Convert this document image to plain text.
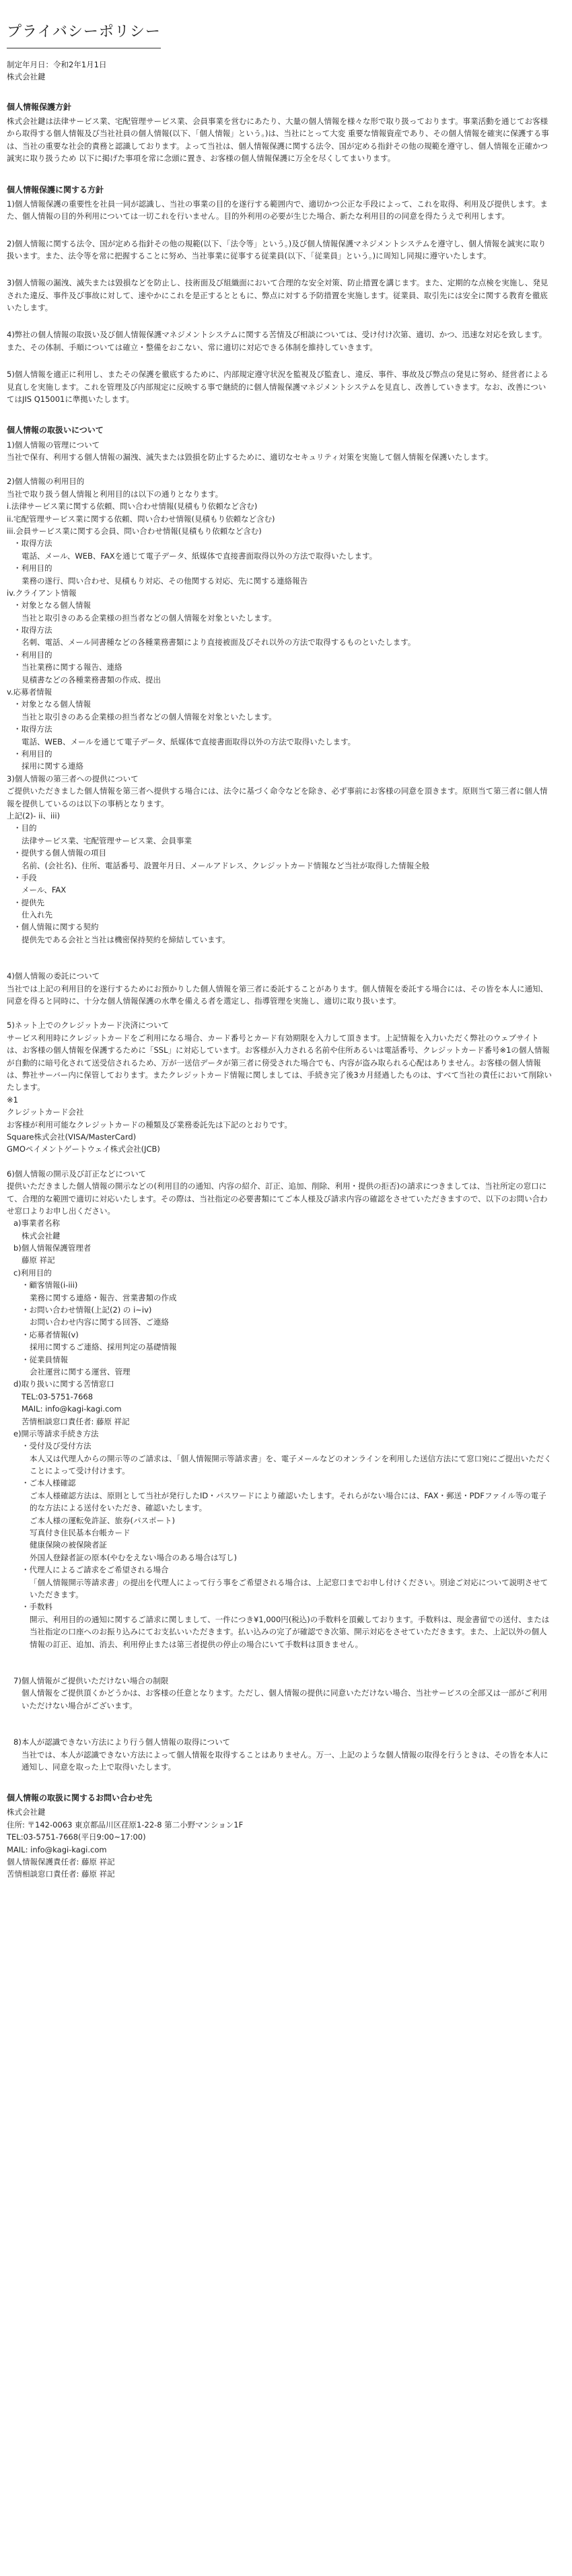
プライバシーポリシー
制定年月日：令和2年1月1日
株式会社鍵
個人情報保護方針

株式会社鍵は法律サービス業、宅配管理サービス業、会員事業を営むにあたり、大量の個人情報を様々な形で取り扱っております。事業活動を通じてお客様から取得する個人情報及び当社社員の個人情報(以下、「個人情報」という。)は、当社にとって大変 重要な情報資産であり、その個人情報を確実に保護する事は、当社の重要な社会的責務と認識しております。よって当社は、個人情報保護に関する法令、国が定める指針その他の規範を遵守し、個人情報を正確かつ誠実に取り扱うため 以下に掲げた事項を常に念頭に置き、お客様の個人情報保護に万全を尽くしてまいります。

個人情報保護に関する方針

1)個人情報保護の重要性を社員一同が認識し、当社の事業の目的を遂行する範囲内で、適切かつ公正な手段によって、これを取得、利用及び提供します。また、個人情報の目的外利用については一切これを行いません。目的外利用の必要が生じた場合、新たな利用目的の同意を得たうえで利用します。

2)個人情報に関する法令、国が定める指針その他の規範(以下、「法令等」という。)及び個人情報保護マネジメントシステムを遵守し、個人情報を誠実に取り扱います。また、法令等を常に把握することに努め、当社事業に従事する従業員(以下、「従業員」という。)に周知し同規に遵守いたします。

3)個人情報の漏洩、滅失または毀損などを防止し、技術面及び組織面において合理的な安全対策、防止措置を講じます。また、定期的な点検を実施し、発見された違反、事件及び事故に対して、速やかにこれを是正するとともに、弊点に対する予防措置を実施します。従業員、取引先には安全に関する教育を徹底いたします。

4)弊社の個人情報の取扱い及び個人情報保護マネジメントシステムに関する苦情及び相談については、受け付け次第、適切、かつ、迅速な対応を致します。また、その体制、手順については確立・整備をおこない、常に適切に対応できる体制を維持していきます。

5)個人情報を適正に利用し、またその保護を徹底するために、内部規定遵守状況を監視及び監査し、違反、事件、事故及び弊点の発見に努め、経営者による見直しを実施します。これを管理及び内部規定に反映する事で継続的に個人情報保護マネジメントシステムを見直し、改善していきます。なお、改善についてはJIS Q15001に準拠いたします。

個人情報の取扱いについて
1)個人情報の管理について
当社で保有、利用する個人情報の漏洩、滅失または毀損を防止するために、適切なセキュリティ対策を実施して個人情報を保護いたします。
2)個人情報の利用目的
当社で取り扱う個人情報と利用目的は以下の通りとなります。
i.法律サービス業に関する依頼、問い合わせ情報(見積もり依頼など含む)
ii.宅配管理サービス業に関する依頼、問い合わせ情報(見積もり依頼など含む)
iii.会員サービス業に関する会員、問い合わせ情報(見積もり依頼など含む)
・取得方法
電話、メール、WEB、FAXを通じて電子データ、紙媒体で直接書面取得以外の方法で取得いたします。
・利用目的
業務の遂行、問い合わせ、見積もり対応、その他関する対応、先に関する連絡報告
iv.クライアント情報
・対象となる個人情報
当社と取引きのある企業様の担当者などの個人情報を対象といたします。
・取得方法
名刺、電話、メール同書種などの各種業務書類により直接被面及びそれ以外の方法で取得するものといたします。
・利用目的
当社業務に関する報告、連絡
見積書などの各種業務書類の作成、提出
v.応募者情報
・対象となる個人情報
当社と取引きのある企業様の担当者などの個人情報を対象といたします。
・取得方法
電話、WEB、メールを通じて電子データ、紙媒体で直接書面取得以外の方法で取得いたします。
・利用目的
採用に関する連絡
3)個人情報の第三者への提供について
ご提供いただきました個人情報を第三者へ提供する場合には、法令に基づく命令などを除き、必ず事前にお客様の同意を頂きます。原則当て第三者に個人情報を提供しているのは以下の事柄となります。
上記(2)- ii、iii)
・目的
法律サービス業、宅配管理サービス業、会員事業
・提供する個人情報の項目
名前、(会社名)、住所、電話番号、設置年月日、メールアドレス、クレジットカード情報など当社が取得した情報全般
・手段
メール、FAX
・提供先
仕入れ先
・個人情報に関する契約
提供先である会社と当社は機密保持契約を締結しています。
4)個人情報の委託について
当社では上記の利用目的を遂行するためにお預かりした個人情報を第三者に委託することがあります。個人情報を委託する場合には、その皆を本人に通知、同意を得ると同時に、十分な個人情報保護の水準を備える者を選定し、指導管理を実施し、適切に取り扱います。
5)ネット上でのクレジットカード決済について
サービス利用時にクレジットカードをご利用になる場合、カード番号とカード有効期限を入力して頂きます。上記情報を入力いただく弊社のウェブサイトは、お客様の個人情報を保護するために「SSL」に対応しています。お客様が入力される名前や住所あるいは電話番号、クレジットカード番号※1の個人情報が自動的に暗号化されて送受信されるため、万が一送信データが第三者に傍受された場合でも、内容が盗み取られる心配はありません。お客様の個人情報は、弊社サーバー内に保管しております。またクレジットカード情報に関しましては、手続き完了後3カ月経過したものは、すべて当社の責任において削除いたします。
※1
クレジットカード会社
お客様が利用可能なクレジットカードの種類及び業務委託先は下記のとおりです。
Square株式会社(VISA/MasterCard)
GMOペイメントゲートウェイ株式会社(JCB)
6)個人情報の開示及び訂正などについて
提供いただきました個人情報の開示などの(利用目的の通知、内容の紹介、訂正、追加、削除、利用・提供の拒否)の請求につきましては、当社所定の窓口にて、合理的な範囲で適切に対応いたします。その際は、当社指定の必要書類にてご本人様及び請求内容の確認をさせていただきますので、以下のお問い合わせ窓口よりお申し出ください。
a)事業者名称
株式会社鍵
b)個人情報保護管理者
藤原 祥記
c)利用目的
・顧客情報(i-iii)
業務に関する連絡・報告、営業書類の作成
・お問い合わせ情報(上記(2) の i~iv)
お問い合わせ内容に関する回答、ご連絡
・応募者情報(v)
採用に関するご連絡、採用判定の基礎情報
・従業員情報
会社運営に関する運営、管理
d)取り扱いに関する苦情窓口
TEL:03-5751-7668
MAIL: info@kagi-kagi.com
苦情相談窓口責任者: 藤原 祥記
e)開示等請求手続き方法
・受付及び受付方法
本人又は代理人からの開示等のご請求は、「個人情報開示等請求書」を、電子メールなどのオンラインを利用した送信方法にて窓口宛にご提出いただくことによって受け付けます。
・ご本人様確認
ご本人様確認方法は、原則として当社が発行したID・パスワードにより確認いたします。それらがない場合には、FAX・郵送・PDFファイル等の電子的な方法による送付をいただき、確認いたします。
ご本人様の運転免許証、旅券(パスポート)
写真付き住民基本台帳カード
健康保険の被保険者証
外国人登録者証の原本(やむをえない場合のある場合は写し)
・代理人によるご請求をご希望される場合
「個人情報開示等請求書」の提出を代理人によって行う事をご希望される場合は、上記窓口までお申し付けください。別途ご対応について説明させていただきます。
・手数料
開示、利用目的の通知に関するご請求に関しまして、一件につき¥1,000円(税込)の手数料を頂戴しております。手数料は、現金書留での送付、または当社指定の口座へのお振り込みにてお支払いいただきます。払い込みの完了が確認でき次第、開示対応をさせていただきます。また、上記以外の個人情報の訂正、追加、消去、利用停止または第三者提供の停止の場合にいて手数料は頂きません。
7)個人情報がご提供いただけない場合の制限
個人情報をご提供頂くかどうかは、お客様の任意となります。ただし、個人情報の提供に同意いただけない場合、当社サービスの全部又は一部がご利用いただけない場合がございます。
8)本人が認識できない方法により行う個人情報の取得について
当社では、本人が認識できない方法によって個人情報を取得することはありません。万一、上記のような個人情報の取得を行うときは、その皆を本人に通知し、同意を取った上で取得いたします。
個人情報の取扱に関するお問い合わせ先
株式会社鍵
住所: 〒142-0063 東京都品川区荏原1-22-8 第二小野マンション1F
TEL:03-5751-7668(平日9:00~17:00)
MAIL: info@kagi-kagi.com
個人情報保護責任者: 藤原 祥記
苦情相談窓口責任者: 藤原 祥記
